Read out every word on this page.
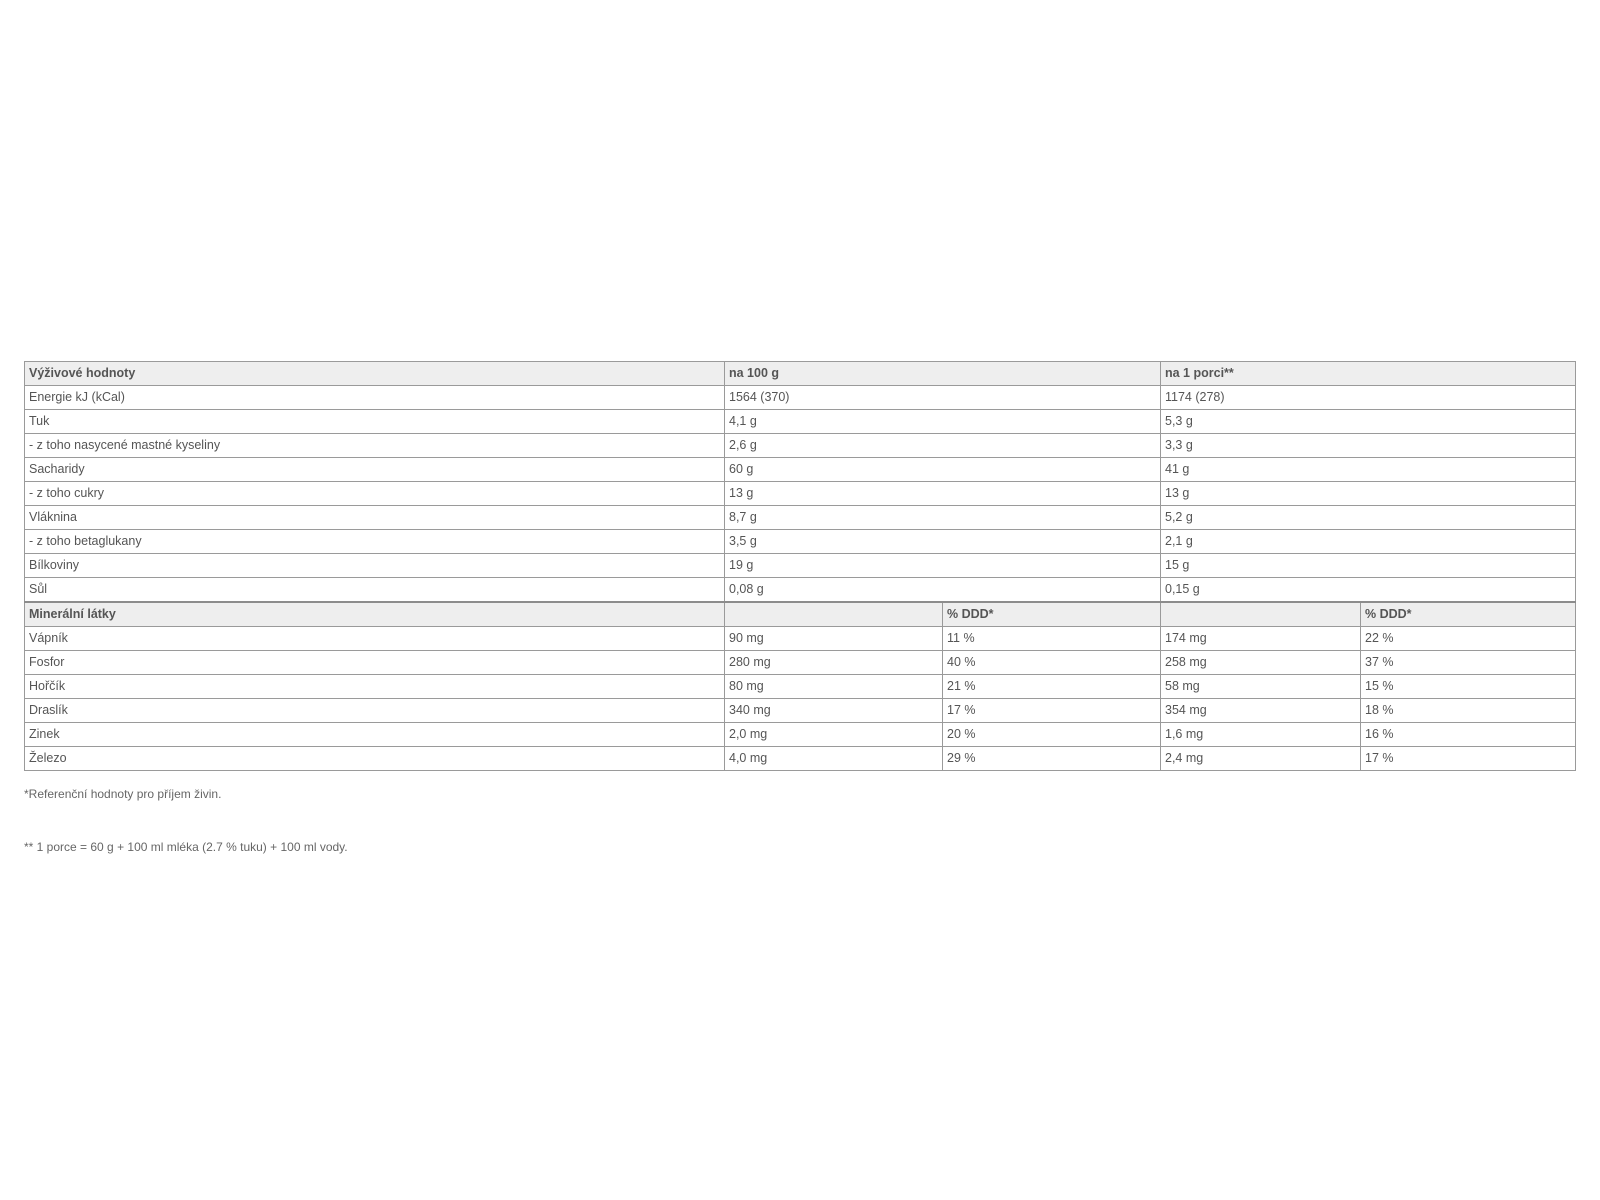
Výživové hodnoty	na 100 g		na 1 porci**	
Energie kJ (kCal)	1564 (370)		1174 (278)	
Tuk	4,1 g		5,3 g	
- z toho nasycené mastné kyseliny	2,6 g		3,3 g	
Sacharidy	60 g		41 g	
- z toho cukry	13 g		13 g	
Vláknina	8,7 g		5,2 g	
- z toho betaglukany	3,5 g		2,1 g	
Bílkoviny	19 g		15 g	
Sůl	0,08 g		0,15 g	
Minerální látky		% DDD*		% DDD*
Vápník	90 mg	11 %	174 mg	22 %
Fosfor	280 mg	40 %	258 mg	37 %
Hořčík	80 mg	21 %	58 mg	15 %
Draslík	340 mg	17 %	354 mg	18 %
Zinek	2,0 mg	20 %	1,6 mg	16 %
Železo	4,0 mg	29 %	2,4 mg	17 %
*Referenční hodnoty pro příjem živin.
** 1 porce = 60 g + 100 ml mléka (2.7 % tuku) + 100 ml vody.
